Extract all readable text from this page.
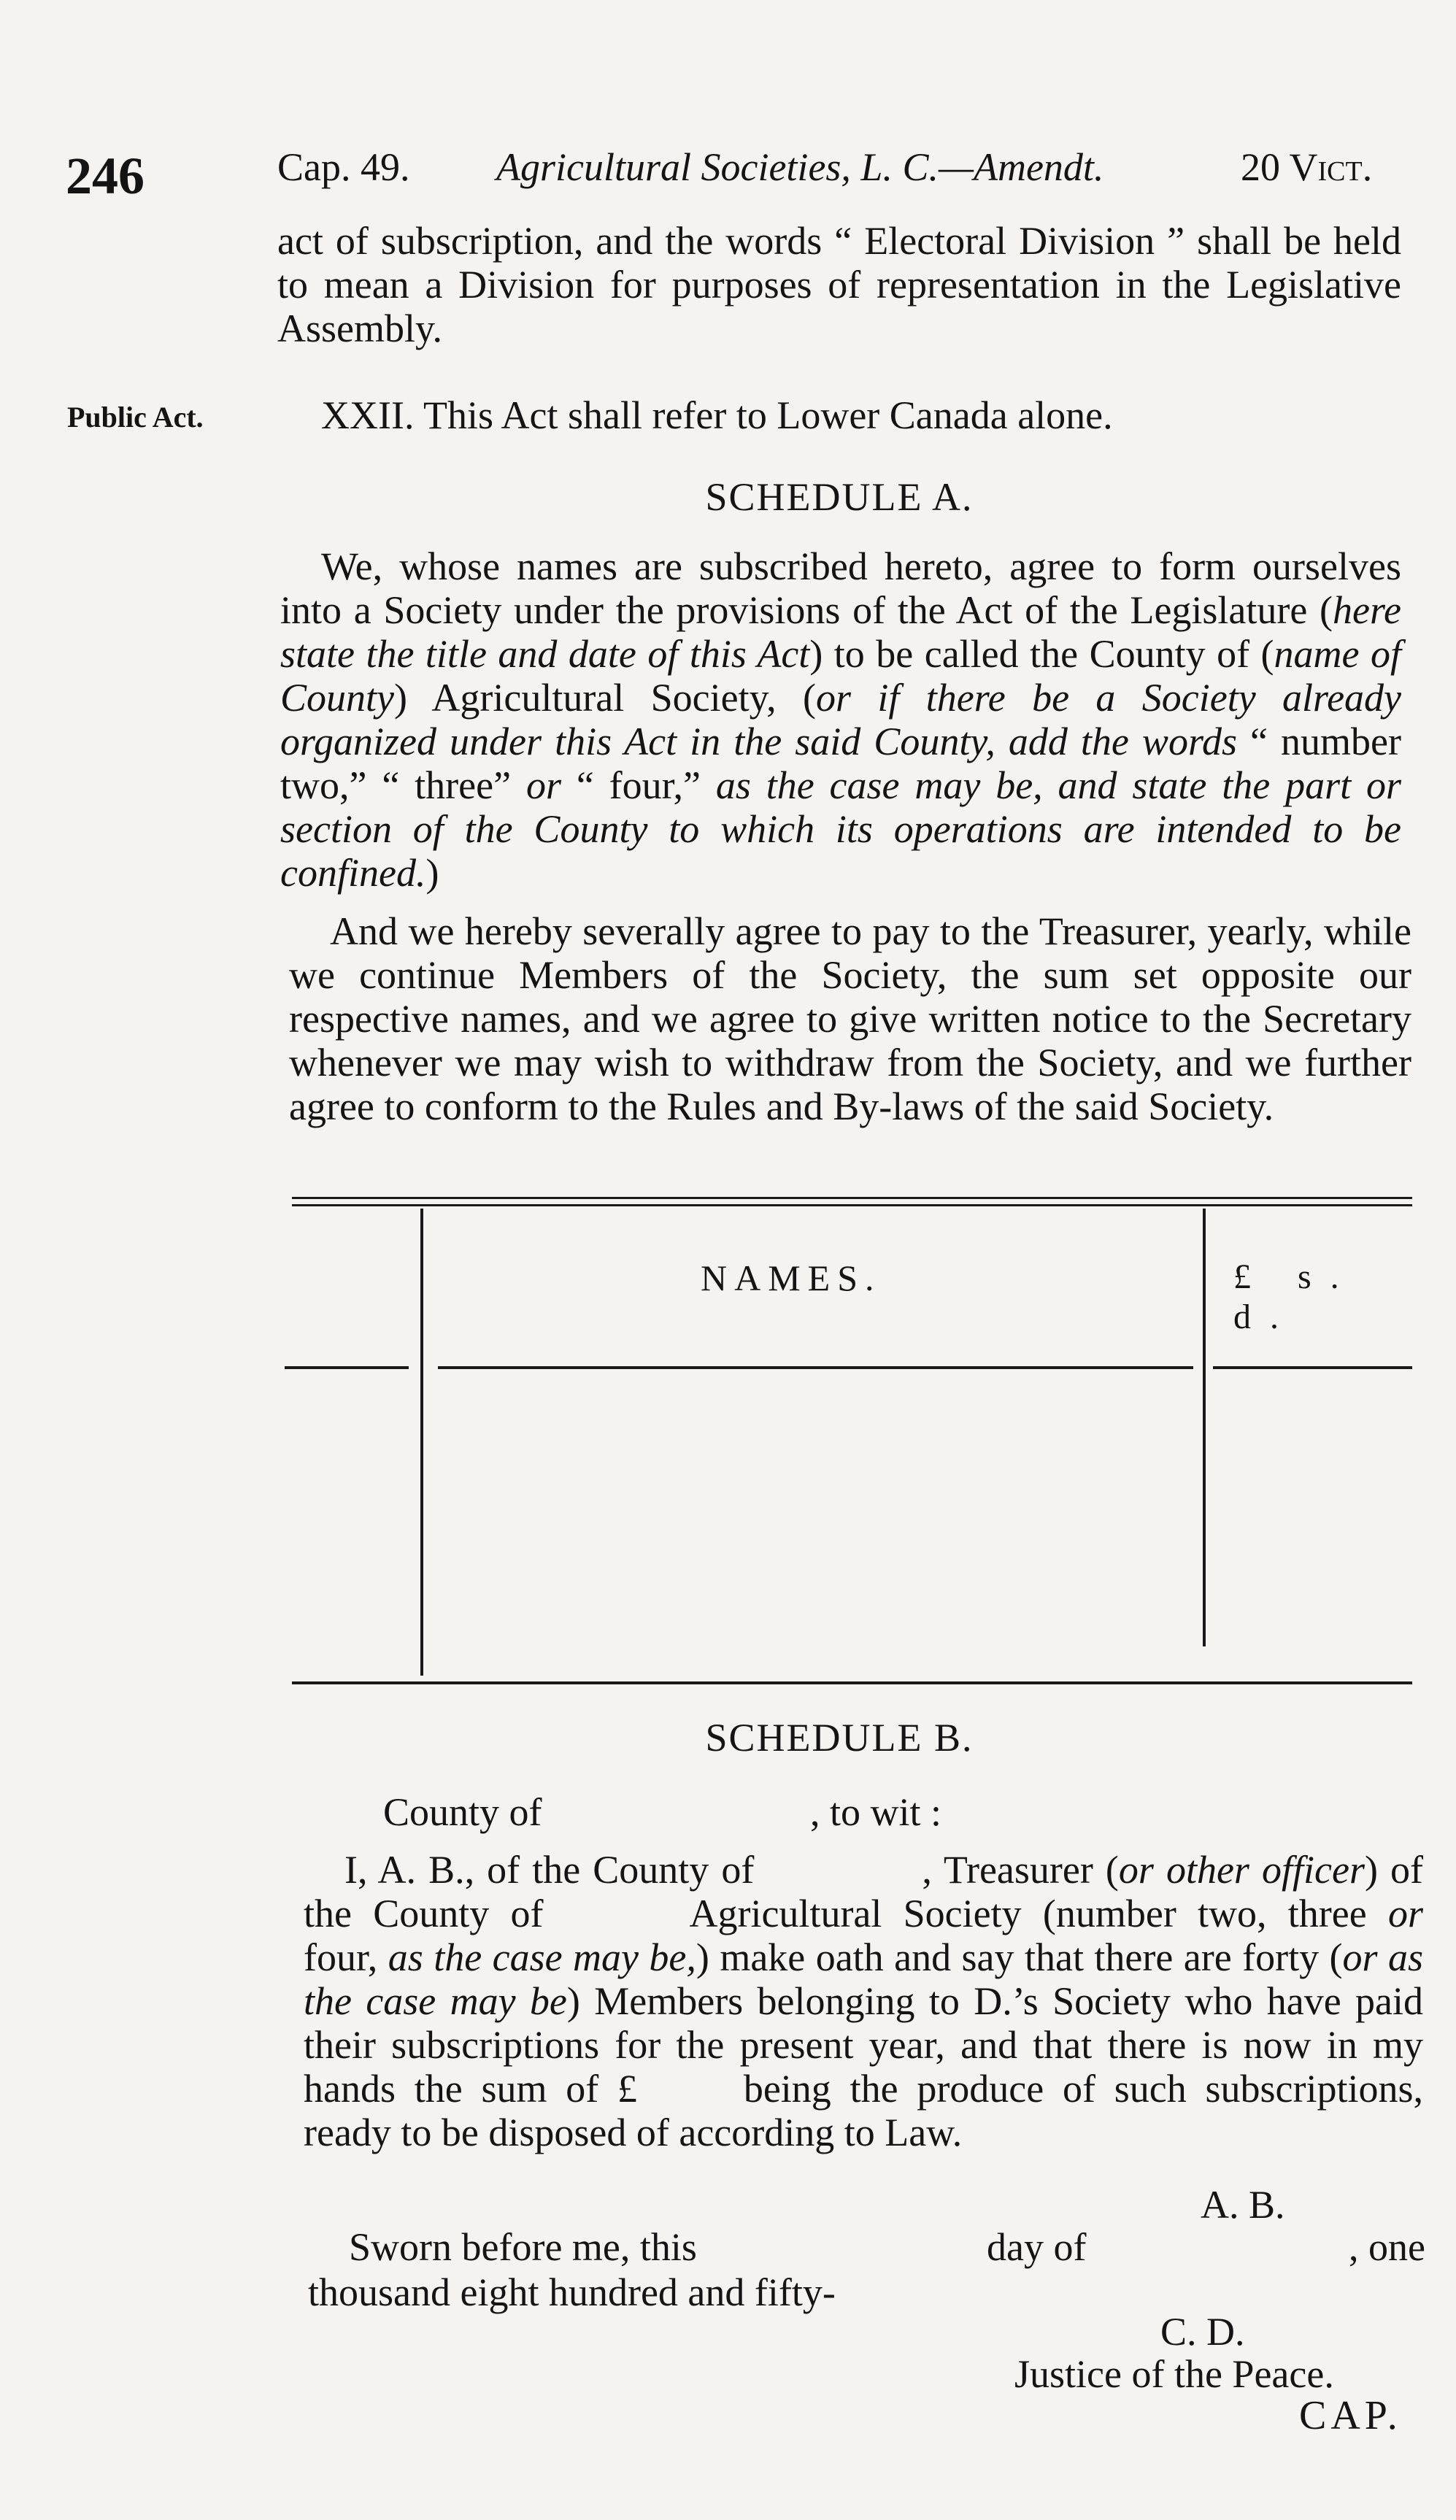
246	Cap. 49. Agricultural Societies, L. C.—Amendt.	20 Vict.
act of subscription, and the words “ Electoral Division ” shall be held to mean a Division for purposes of representation in the Legislative Assembly.
Public Act.	XXII. This Act shall refer to Lower Canada alone.
SCHEDULE A.
We, whose names are subscribed hereto, agree to form ourselves into a Society under the provisions of the Act of the Legislature (here state the title and date of this Act) to be called the County of (name of County) Agricultural Society, (or if there be a Society already organized under this Act in the said County, add the words “ number two,” “ three” or “ four,” as the case may be, and state the part or section of the County to which its operations are intended to be confined.)
And we hereby severally agree to pay to the Treasurer, yearly, while we continue Members of the Society, the sum set opposite our respective names, and we agree to give written notice to the Secretary whenever we may wish to withdraw from the Society, and we further agree to conform to the Rules and By-laws of the said Society.
NAMES.	£ s. d.
SCHEDULE B.
County of	, to wit :
I, A. B., of the County of	, Treasurer (or other officer) of the County of	Agricultural Society (number two, three or four, as the case may be,) make oath and say that there are forty (or as the case may be) Members belonging to D.’s Society who have paid their subscriptions for the present year, and that there is now in my hands the sum of £	being the produce of such subscriptions, ready to be disposed of according to Law.
A. B.
Sworn before me, this	day of	, one
thousand eight hundred and fifty-
C. D.
Justice of the Peace.
CAP.
